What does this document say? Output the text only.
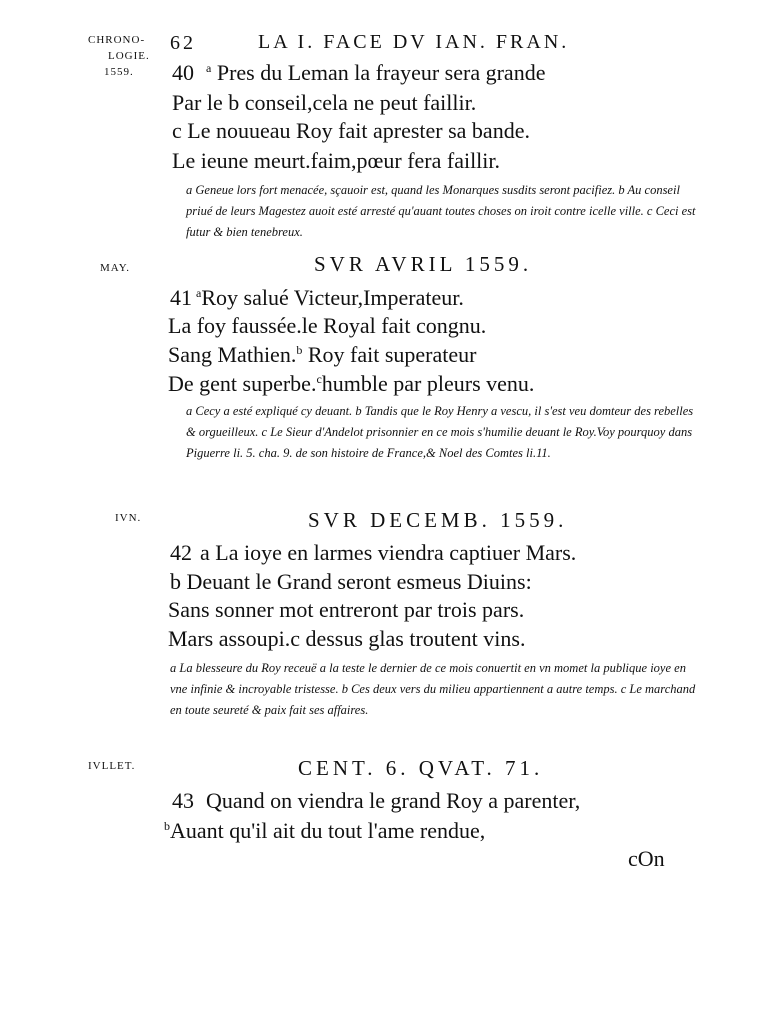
CHRONO-
LOGIE.
1559.
MAY.
IVN.
IVLLET.
62	LA I. FACE DV IAN. FRAN.
40 $^a$ Pres du Leman la frayeur sera grande
Par le b conseil,cela ne peut faillir.
c Le nouueau Roy fait aprester sa bande.
Le ieune meurt.faim,pœur fera faillir.
a Geneue lors fort menacée, sçauoir est, quand les Monarques susdits seront pacifiez. b Au conseil priué de leurs Magestez auoit esté arresté qu'auant toutes choses on iroit contre icelle ville. c Ceci est futur & bien tenebreux.
SVR AVRIL 1559.
41 $^a$Roy salué Victeur,Imperateur.
La foy faussée.le Royal fait congnu.
Sang Mathien.$^b$ Roy fait superateur
De gent superbe.$^c$humble par pleurs venu.
a Cecy a esté expliqué cy deuant. b Tandis que le Roy Henry a vescu, il s'est veu domteur des rebelles & orgueilleux. c Le Sieur d'Andelot prisonnier en ce mois s'humilie deuant le Roy.Voy pourquoy dans Piguerre li. 5. cha. 9. de son histoire de France,& Noel des Comtes li.11.
SVR DECEMB. 1559.
42 a La ioye en larmes viendra captiuer Mars.
b Deuant le Grand seront esmeus Diuins:
Sans sonner mot entreront par trois pars.
Mars assoupi.c dessus glas troutent vins.
a La blesseure du Roy receuë a la teste le dernier de ce mois conuertit en vn momet la publique ioye en vne infinie & incroyable tristesse. b Ces deux vers du milieu appartiennent a autre temps. c Le marchand en toute seureté & paix fait ses affaires.
CENT. 6. QVAT. 71.
43 Quand on viendra le grand Roy a parenter,
$^b$Auant qu'il ait du tout l'ame rendue,
cOn
